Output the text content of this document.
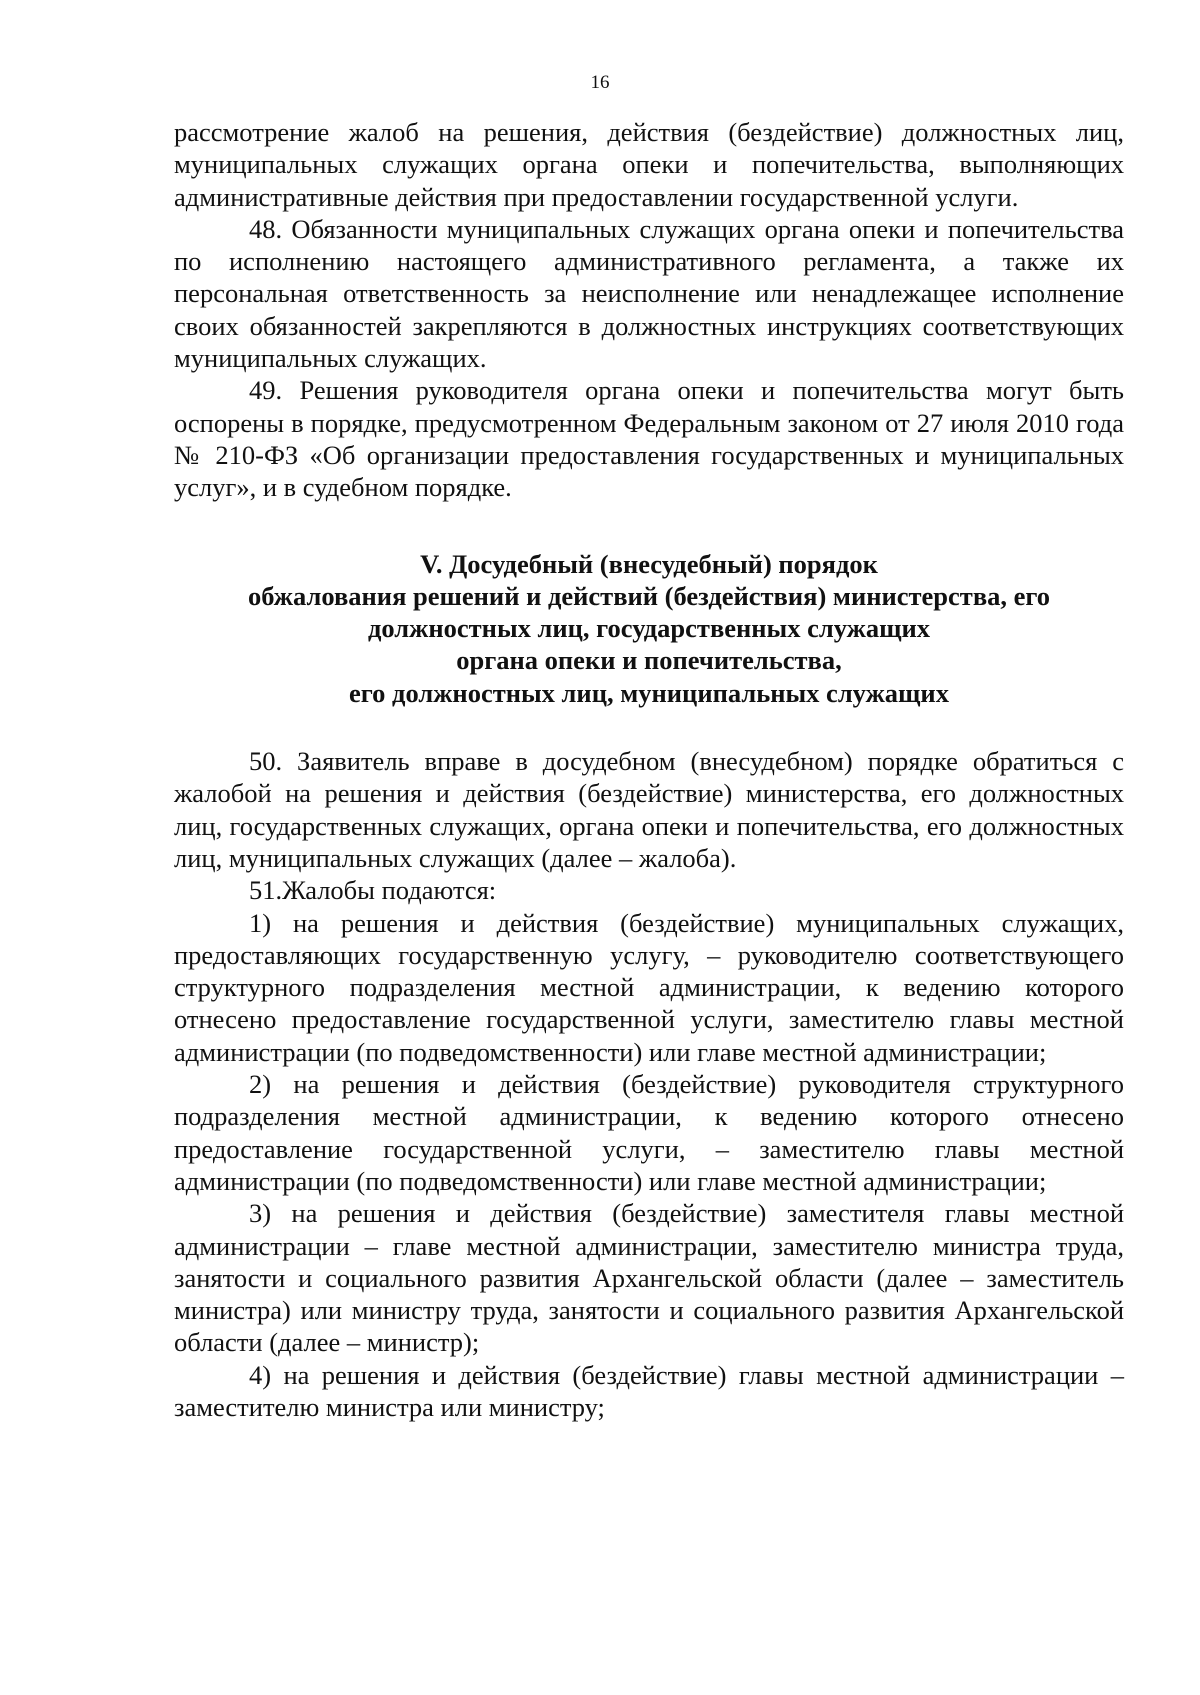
16

рассмотрение жалоб на решения, действия (бездействие) должностных лиц, муниципальных служащих органа опеки и попечительства, выполняющих административные действия при предоставлении государственной услуги.

48. Обязанности муниципальных служащих органа опеки и попечительства по исполнению настоящего административного регламента, а также их персональная ответственность за неисполнение или ненадлежащее исполнение своих обязанностей закрепляются в должностных инструкциях соответствующих муниципальных служащих.

49. Решения руководителя органа опеки и попечительства могут быть оспорены в порядке, предусмотренном Федеральным законом от 27 июля 2010 года № 210-ФЗ «Об организации предоставления государственных и муниципальных услуг», и в судебном порядке.

V. Досудебный (внесудебный) порядок
обжалования решений и действий (бездействия) министерства, его
должностных лиц, государственных служащих
органа опеки и попечительства,
его должностных лиц, муниципальных служащих

50. Заявитель вправе в досудебном (внесудебном) порядке обратиться с жалобой на решения и действия (бездействие) министерства, его должностных лиц, государственных служащих, органа опеки и попечительства, его должностных лиц, муниципальных служащих (далее – жалоба).

51.Жалобы подаются:

1) на решения и действия (бездействие) муниципальных служащих, предоставляющих государственную услугу, – руководителю соответствующего структурного подразделения местной администрации, к ведению которого отнесено предоставление государственной услуги, заместителю главы местной администрации (по подведомственности) или главе местной администрации;

2) на решения и действия (бездействие) руководителя структурного подразделения местной администрации, к ведению которого отнесено предоставление государственной услуги, – заместителю главы местной администрации (по подведомственности) или главе местной администрации;

3) на решения и действия (бездействие) заместителя главы местной администрации – главе местной администрации, заместителю министра труда, занятости и социального развития Архангельской области (далее – заместитель министра) или министру труда, занятости и социального развития Архангельской области (далее – министр);

4) на решения и действия (бездействие) главы местной администрации – заместителю министра или министру;
